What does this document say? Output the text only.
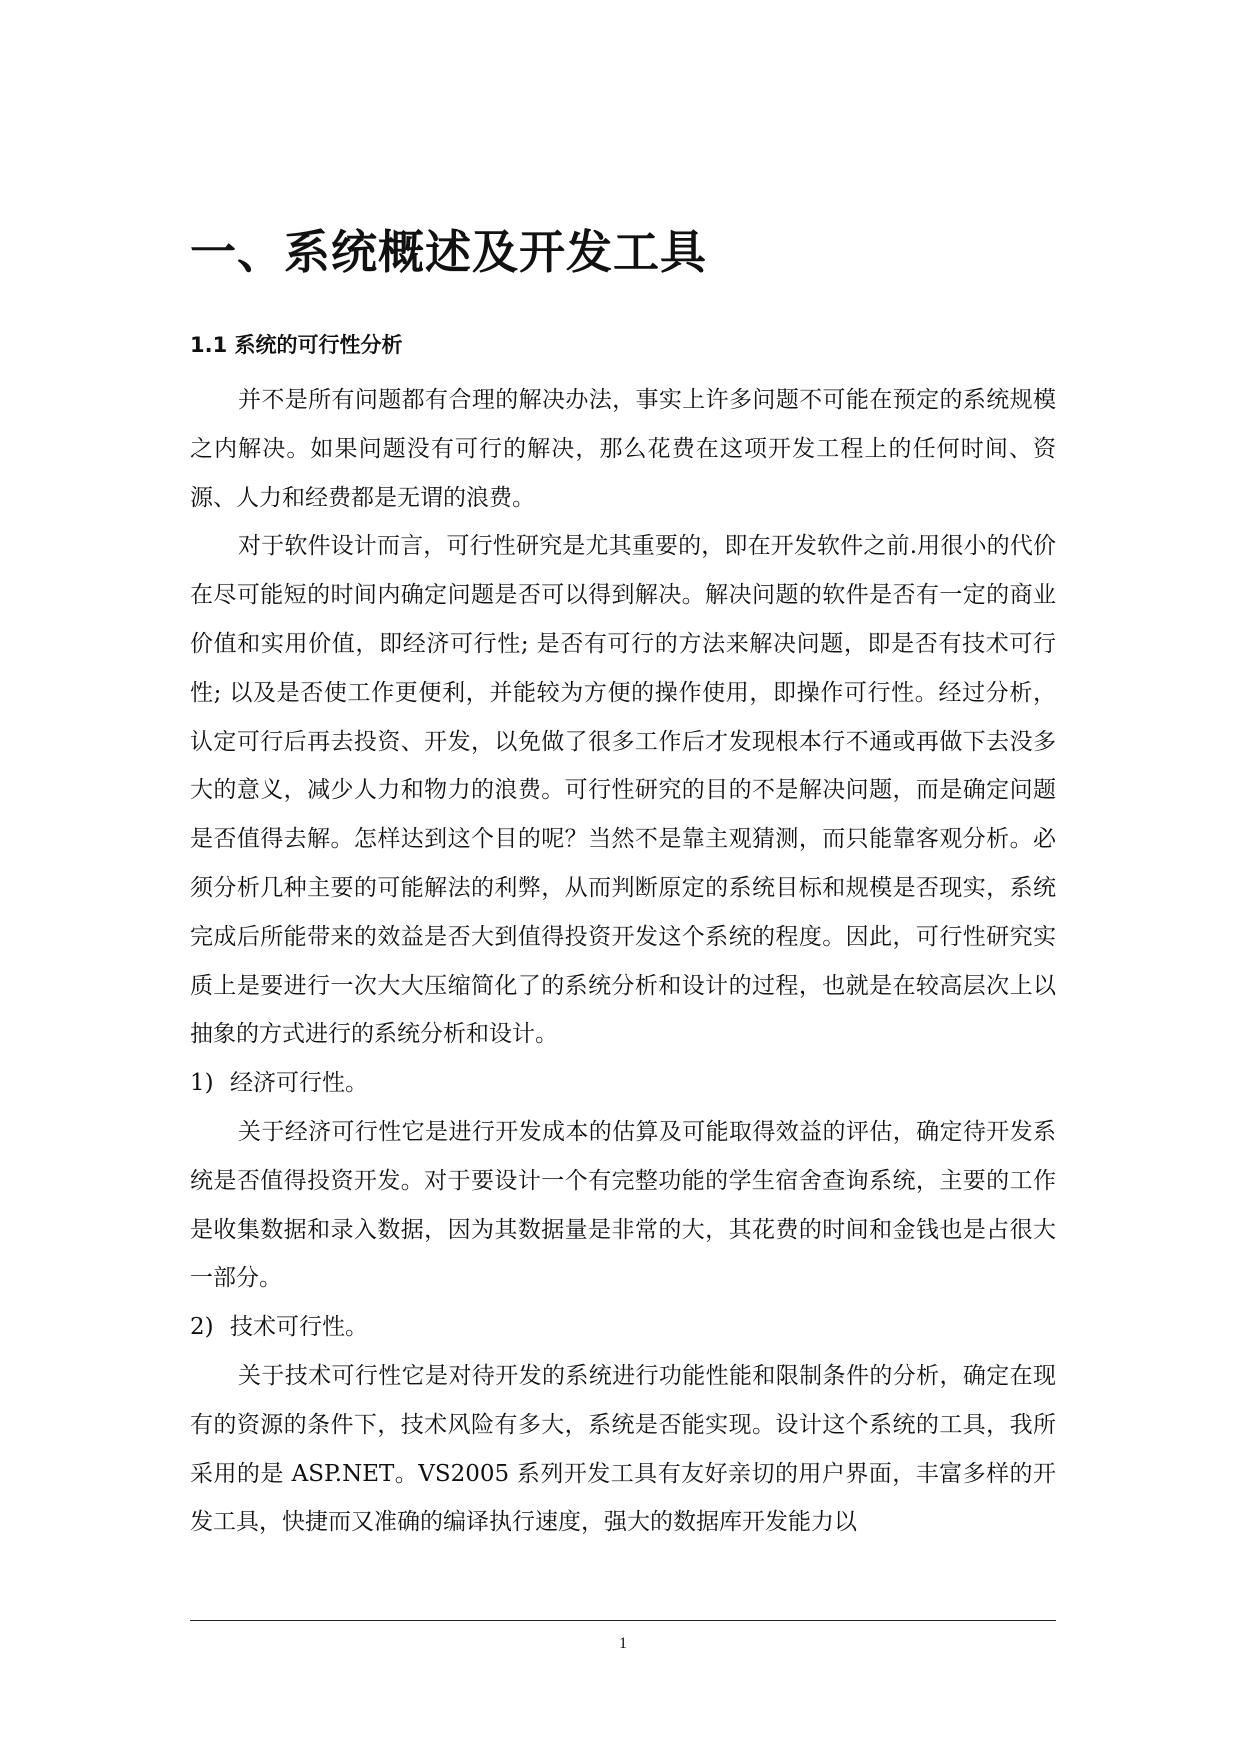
一、系统概述及开发工具
1.1 系统的可行性分析

并不是所有问题都有合理的解决办法，事实上许多问题不可能在预定的系统规模之内解决。如果问题没有可行的解决，那么花费在这项开发工程上的任何时间、资源、人力和经费都是无谓的浪费。

对于软件设计而言，可行性研究是尤其重要的，即在开发软件之前.用很小的代价在尽可能短的时间内确定问题是否可以得到解决。解决问题的软件是否有一定的商业价值和实用价值，即经济可行性; 是否有可行的方法来解决问题，即是否有技术可行性; 以及是否使工作更便利，并能较为方便的操作使用，即操作可行性。经过分析，认定可行后再去投资、开发，以免做了很多工作后才发现根本行不通或再做下去没多大的意义，减少人力和物力的浪费。可行性研究的目的不是解决问题，而是确定问题是否值得去解。怎样达到这个目的呢？当然不是靠主观猜测，而只能靠客观分析。必须分析几种主要的可能解法的利弊，从而判断原定的系统目标和规模是否现实，系统完成后所能带来的效益是否大到值得投资开发这个系统的程度。因此，可行性研究实质上是要进行一次大大压缩简化了的系统分析和设计的过程，也就是在较高层次上以抽象的方式进行的系统分析和设计。

1) 经济可行性。

关于经济可行性它是进行开发成本的估算及可能取得效益的评估，确定待开发系统是否值得投资开发。对于要设计一个有完整功能的学生宿舍查询系统，主要的工作是收集数据和录入数据，因为其数据量是非常的大，其花费的时间和金钱也是占很大一部分。

2) 技术可行性。

关于技术可行性它是对待开发的系统进行功能性能和限制条件的分析，确定在现有的资源的条件下，技术风险有多大，系统是否能实现。设计这个系统的工具，我所采用的是 ASP.NET。VS2005 系列开发工具有友好亲切的用户界面，丰富多样的开发工具，快捷而又准确的编译执行速度，强大的数据库开发能力以

1
